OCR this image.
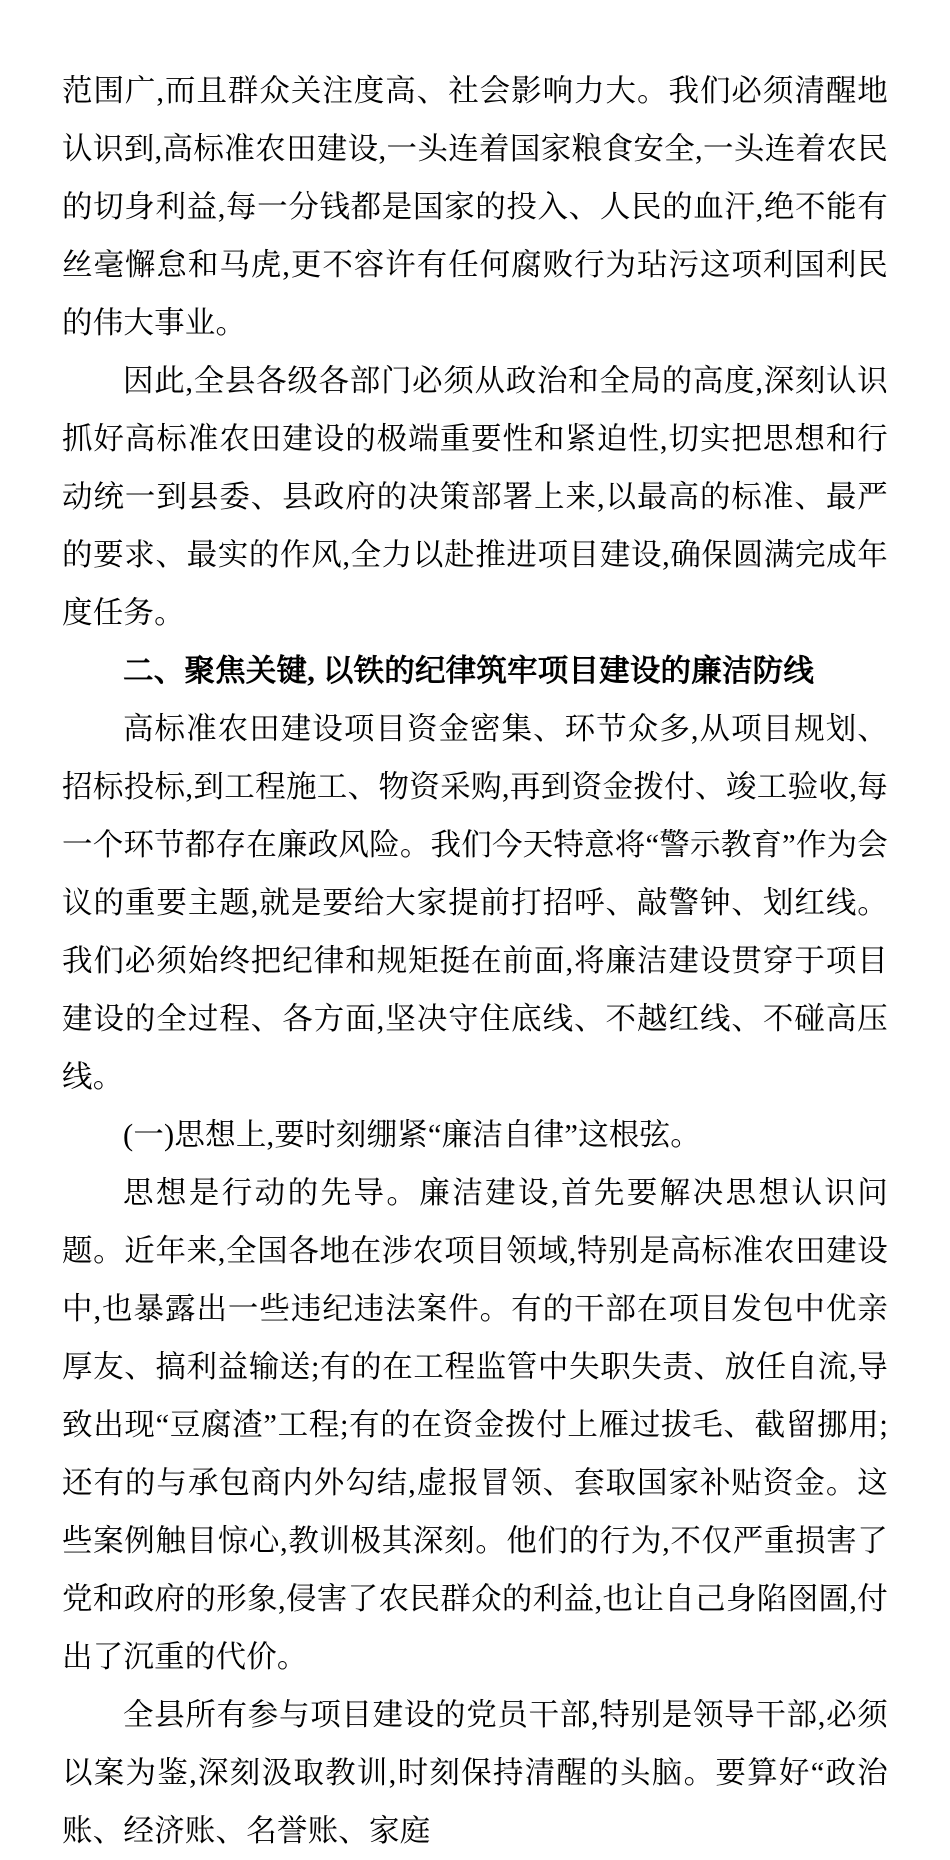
范围广,而且群众关注度高、社会影响力大。我们必须清醒地认识到,高标准农田建设,一头连着国家粮食安全,一头连着农民的切身利益,每一分钱都是国家的投入、人民的血汗,绝不能有丝毫懈怠和马虎,更不容许有任何腐败行为玷污这项利国利民的伟大事业。

因此,全县各级各部门必须从政治和全局的高度,深刻认识抓好高标准农田建设的极端重要性和紧迫性,切实把思想和行动统一到县委、县政府的决策部署上来,以最高的标准、最严的要求、最实的作风,全力以赴推进项目建设,确保圆满完成年度任务。

二、聚焦关键, 以铁的纪律筑牢项目建设的廉洁防线

高标准农田建设项目资金密集、环节众多,从项目规划、招标投标,到工程施工、物资采购,再到资金拨付、竣工验收,每一个环节都存在廉政风险。我们今天特意将“警示教育”作为会议的重要主题,就是要给大家提前打招呼、敲警钟、划红线。我们必须始终把纪律和规矩挺在前面,将廉洁建设贯穿于项目建设的全过程、各方面,坚决守住底线、不越红线、不碰高压线。

(一)思想上,要时刻绷紧“廉洁自律”这根弦。

思想是行动的先导。廉洁建设,首先要解决思想认识问题。近年来,全国各地在涉农项目领域,特别是高标准农田建设中,也暴露出一些违纪违法案件。有的干部在项目发包中优亲厚友、搞利益输送;有的在工程监管中失职失责、放任自流,导致出现“豆腐渣”工程;有的在资金拨付上雁过拔毛、截留挪用;还有的与承包商内外勾结,虚报冒领、套取国家补贴资金。这些案例触目惊心,教训极其深刻。他们的行为,不仅严重损害了党和政府的形象,侵害了农民群众的利益,也让自己身陷囹圄,付出了沉重的代价。

全县所有参与项目建设的党员干部,特别是领导干部,必须以案为鉴,深刻汲取教训,时刻保持清醒的头脑。要算好“政治账、经济账、名誉账、家庭
